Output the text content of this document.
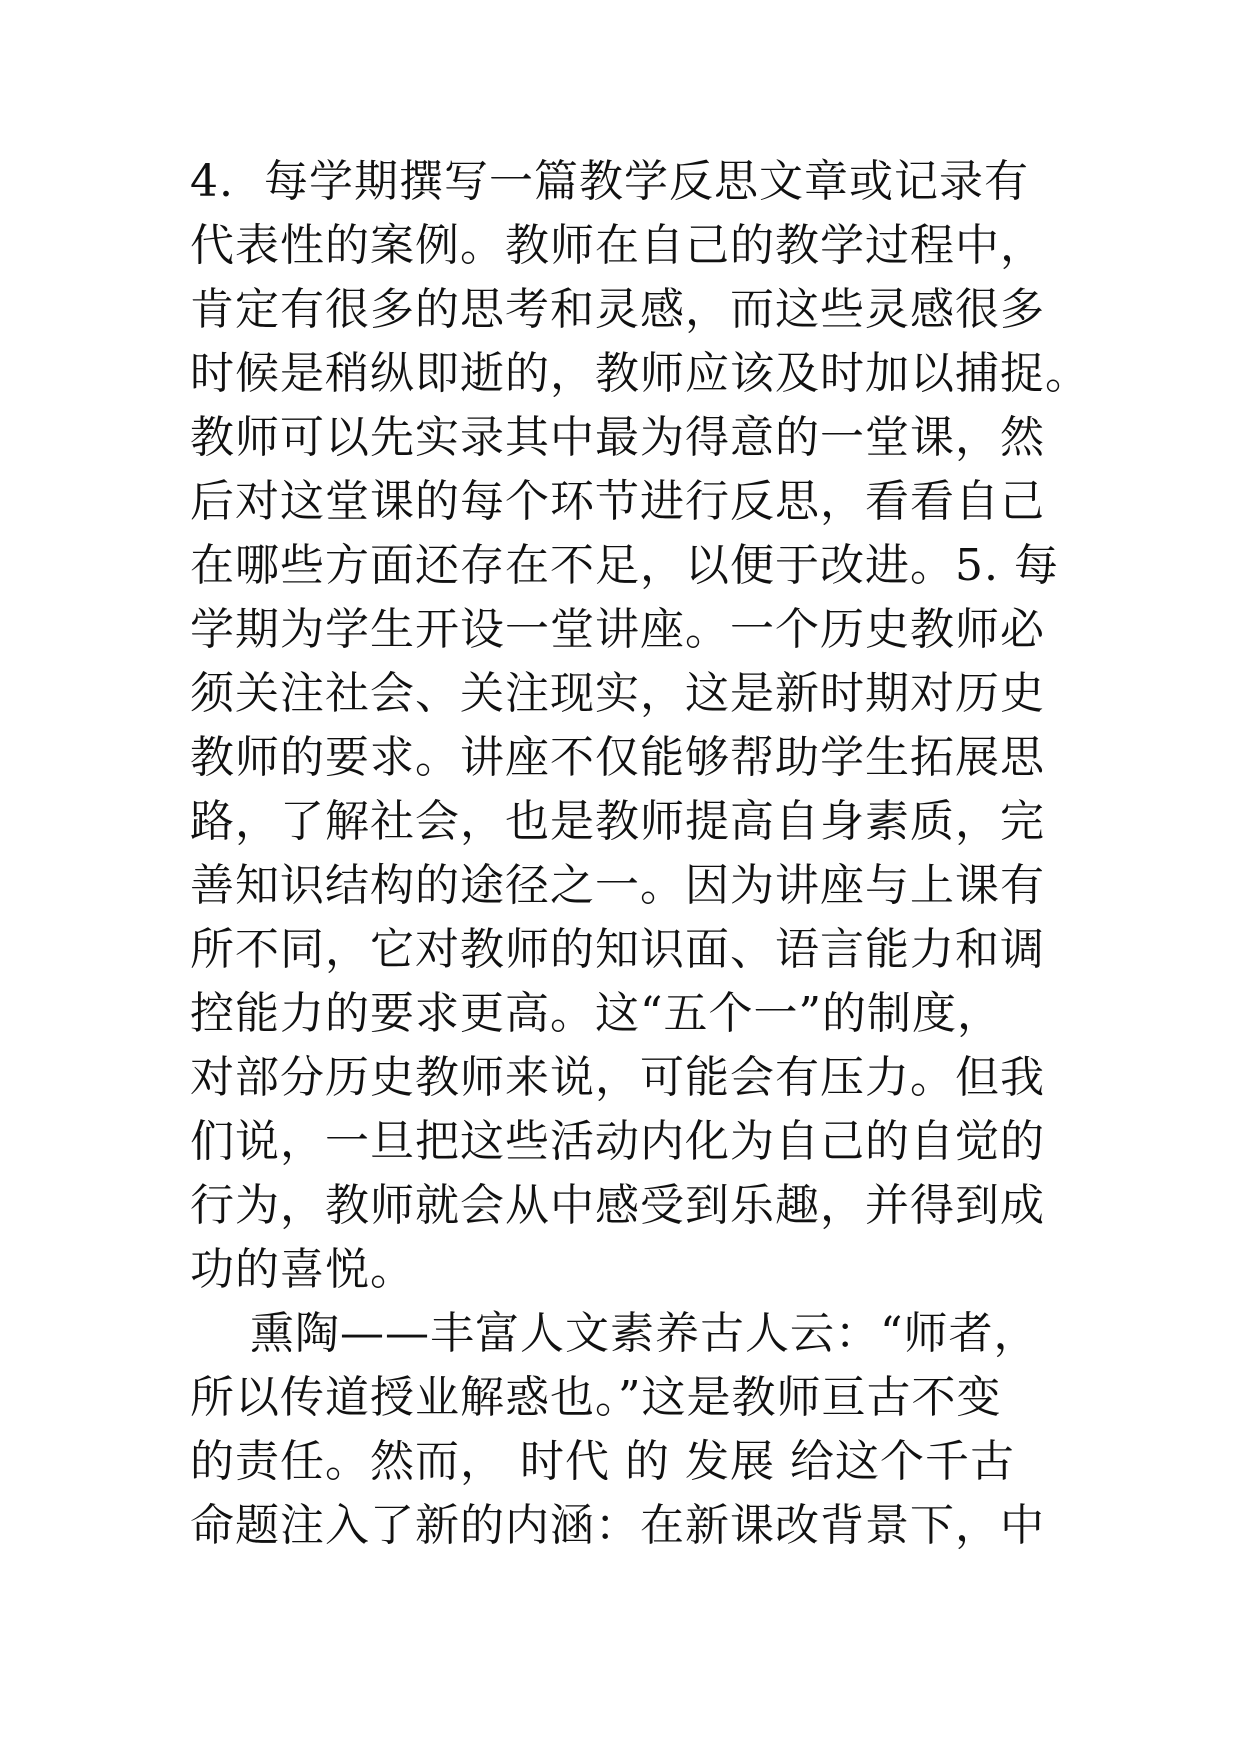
4.  每学期撰写一篇教学反思文章或记录有
代表性的案例。教师在自己的教学过程中，
肯定有很多的思考和灵感，而这些灵感很多
时候是稍纵即逝的，教师应该及时加以捕捉。
教师可以先实录其中最为得意的一堂课，然
后对这堂课的每个环节进行反思，看看自己
在哪些方面还存在不足，以便于改进。5. 每
学期为学生开设一堂讲座。一个历史教师必
须关注社会、关注现实，这是新时期对历史
教师的要求。讲座不仅能够帮助学生拓展思
路，了解社会，也是教师提高自身素质，完
善知识结构的途径之一。因为讲座与上课有
所不同，它对教师的知识面、语言能力和调
控能力的要求更高。这“五个一”的制度，
对部分历史教师来说，可能会有压力。但我
们说，一旦把这些活动内化为自己的自觉的
行为，教师就会从中感受到乐趣，并得到成
功的喜悦。
熏陶——丰富人文素养古人云：“师者，
所以传道授业解惑也。”这是教师亘古不变
的责任。然而， 时代 的 发展 给这个千古
命题注入了新的内涵：在新课改背景下，中
